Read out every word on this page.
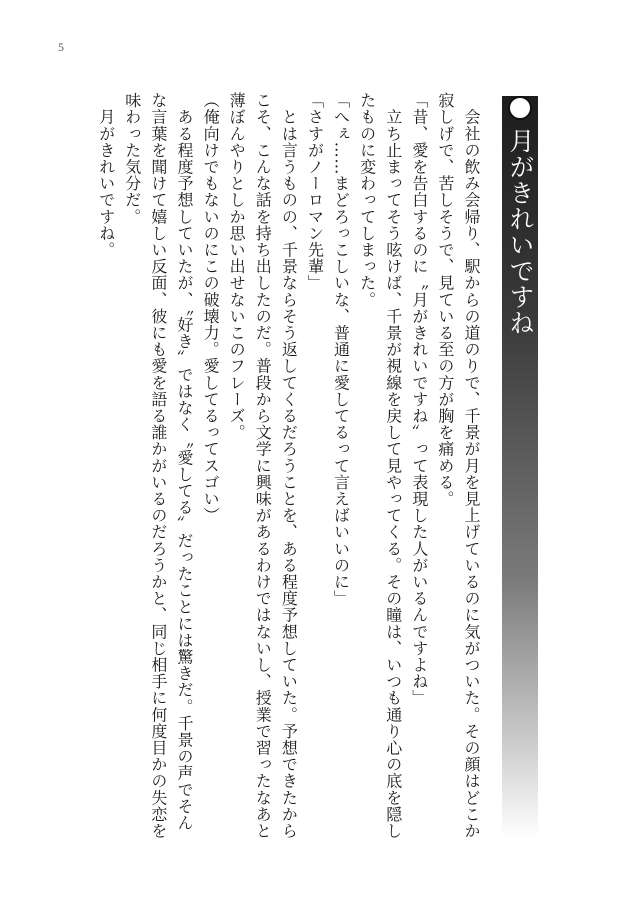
5
月がきれいですね

　会社の飲み会帰り、駅からの道のりで、千景が月を見上げているのに気がついた。その顔はどこか寂しげで、苦しそうで、見ている至の方が胸を痛める。

「昔、愛を告白するのに〝月がきれいですね〟って表現した人がいるんですよね」

　立ち止まってそう呟けば、千景が視線を戻して見やってくる。その瞳は、いつも通り心の底を隠したものに変わってしまった。

「へぇ……まどろっこしいな、普通に愛してるって言えばいいのに」

「さすがノーロマン先輩」

　とは言うものの、千景ならそう返してくるだろうことを、ある程度予想していた。予想できたからこそ、こんな話を持ち出したのだ。普段から文学に興味があるわけではないし、授業で習ったなあと薄ぼんやりとしか思い出せないこのフレーズ。

（俺向けでもないのにこの破壊力。愛してるってスゴい）

　ある程度予想していたが、〝好き〟ではなく〝愛してる〟だったことには驚きだ。千景の声でそんな言葉を聞けて嬉しい反面、彼にも愛を語る誰かがいるのだろうかと、同じ相手に何度目かの失恋を味わった気分だ。

　月がきれいですね。
